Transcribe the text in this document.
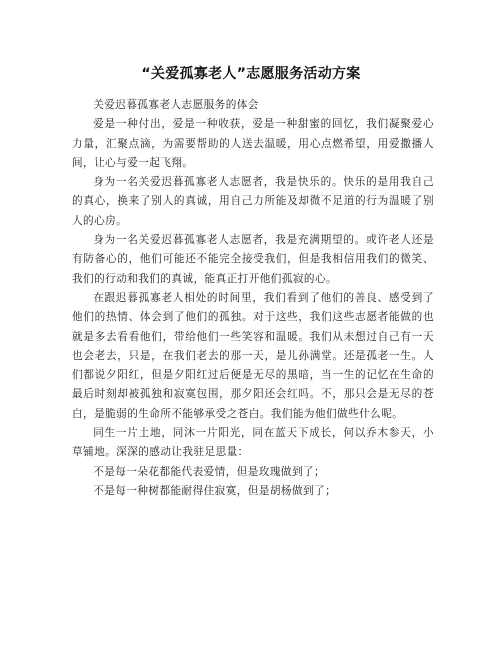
“关爱孤寡老人”志愿服务活动方案

关爱迟暮孤寡老人志愿服务的体会

爱是一种付出，爱是一种收获，爱是一种甜蜜的回忆，我们凝聚爱心力量，汇聚点滴，为需要帮助的人送去温暖，用心点燃希望，用爱撒播人间，让心与爱一起飞翔。

身为一名关爱迟暮孤寡老人志愿者，我是快乐的。快乐的是用我自己的真心，换来了别人的真诚，用自己力所能及却微不足道的行为温暖了别人的心房。

身为一名关爱迟暮孤寡老人志愿者，我是充满期望的。或许老人还是有防备心的，他们可能还不能完全接受我们，但是我相信用我们的微笑、我们的行动和我们的真诚，能真正打开他们孤寂的心。

在跟迟暮孤寡老人相处的时间里，我们看到了他们的善良、感受到了他们的热情、体会到了他们的孤独。对于这些，我们这些志愿者能做的也就是多去看看他们，带给他们一些笑容和温暖。我们从未想过自己有一天也会老去，只是，在我们老去的那一天，是儿孙满堂。还是孤老一生。人们都说夕阳红，但是夕阳红过后便是无尽的黑暗，当一生的记忆在生命的最后时刻却被孤独和寂寞包围，那夕阳还会红吗。不，那只会是无尽的苍白，是脆弱的生命所不能够承受之苍白。我们能为他们做些什么呢。

同生一片土地，同沐一片阳光，同在蓝天下成长，何以乔木参天，小草铺地。深深的感动让我驻足思量：

不是每一朵花都能代表爱情，但是玫瑰做到了；

不是每一种树都能耐得住寂寞，但是胡杨做到了；
